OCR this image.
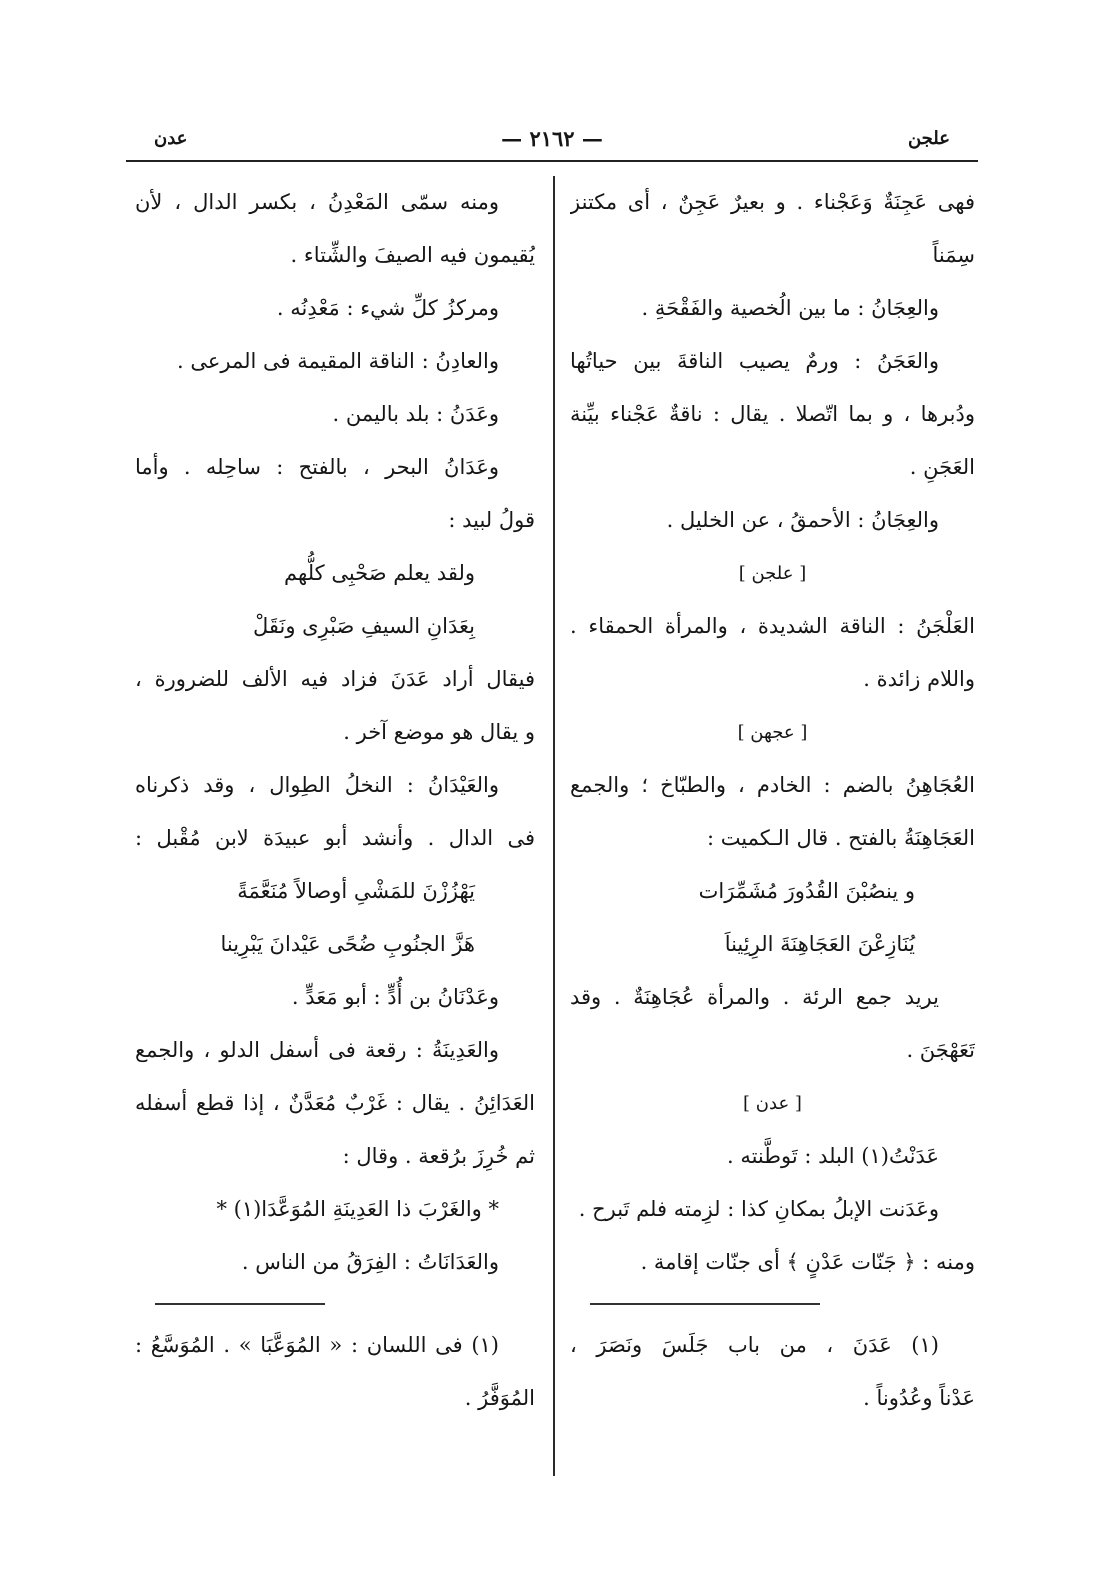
عدن	— ٢١٦٢ —	علجن
فهى عَجِنَةٌ وَعَجْناء . و بعيرٌ عَجِنٌ ، أى مكتنز
سِمَناً
والعِجَانُ : ما بين الُخصية والفَقْحَةِ .
والعَجَنُ : ورمٌ يصيب الناقةَ بين حياتُها
ودُبرها ، و بما اتّصلا . يقال : ناقةٌ عَجْناء بيِّنة
العَجَنِ .
والعِجَانُ : الأحمقُ ، عن الخليل .
[ علجن ]
العَلْجَنُ : الناقة الشديدة ، والمرأة الحمقاء .
واللام زائدة .
[ عجهن ]
العُجَاهِنُ بالضم : الخادم ، والطبّاخ ؛ والجمع
العَجَاهِنَةُ بالفتح . قال الـكميت :
و ينصُبْنَ القُدُورَ مُشَمِّرَات
يُنَازِعْنَ العَجَاهِنَةَ الرِئِيناَ
يريد جمع الرئة . والمرأة عُجَاهِنَةٌ . وقد
تَعَهْجَنَ .
[ عدن ]
عَدَنْتُ(١) البلد : تَوطَّنته .
وعَدَنت الإبلُ بمكانِ كذا : لزِمته فلم تَبرح .
ومنه : ﴿ جَنّات عَدْنٍ ﴾ أى جنّات إقامة .
(١) عَدَنَ ، من باب جَلَسَ ونَصَرَ ،
عَدْناً وعُدُوناً .
ومنه سمّى المَعْدِنُ ، بكسر الدال ، لأن
يُقيمون فيه الصيفَ والشِّتاء .
ومركزُ كلِّ شيء : مَعْدِنُه .
والعادِنُ : الناقة المقيمة فى المرعى .
وعَدَنُ : بلد باليمن .
وعَدَانُ البحر ، بالفتح : ساحِله . وأما
قولُ لبيد :
ولقد يعلم صَحْبِى كلُّهم
بِعَدَانِ السيفِ صَبْرِى ونَقَلْ
فيقال أراد عَدَنَ فزاد فيه الألف للضرورة ،
و يقال هو موضع آخر .
والعَيْدَانُ : النخلُ الطِوال ، وقد ذكرناه
فى الدال . وأنشد أبو عبيدَة لابن مُقْبل :
يَهْزُزْنَ للمَشْىِ أوصالاً مُنَعَّمَةً
هَزَّ الجنُوبِ ضُحًى عَيْدانَ يَبْرِينا
وعَدْنَانُ بن أُدٍّ : أبو مَعَدٍّ .
والعَدِينَةُ : رقعة فى أسفل الدلو ، والجمع
العَدَائِنُ . يقال : غَرْبٌ مُعَدَّنٌ ، إذا قطع أسفله
ثم خُرِزَ برُقعة . وقال :
* والغَرْبَ ذا العَدِينَةِ المُوَعَّدَا(١) *
والعَدَانَاتُ : الفِرَقُ من الناس .
(١) فى اللسان : « المُوَعَّبَا » . المُوَسَّعُ :
المُوَفَّرُ .
